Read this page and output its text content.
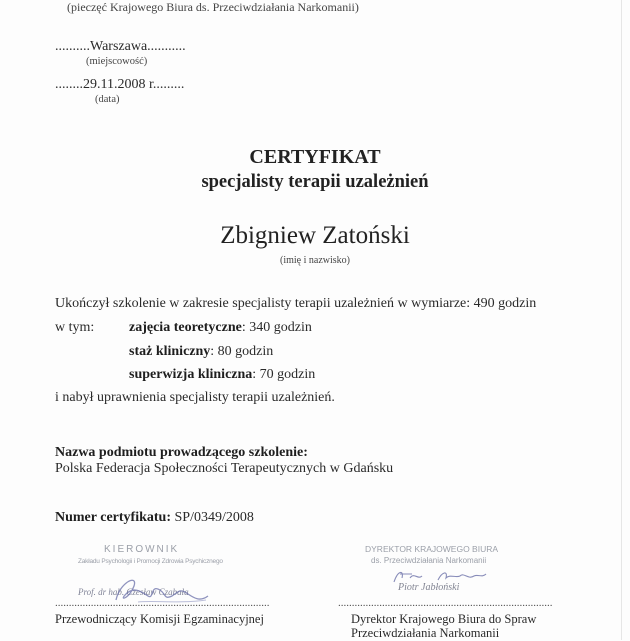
(pieczęć Krajowego Biura ds. Przeciwdziałania Narkomanii)
..........Warszawa...........
(miejscowość)
........29.11.2008 r.........
(data)
CERTYFIKAT
specjalisty terapii uzależnień
Zbigniew Zatoński
(imię i nazwisko)
Ukończył szkolenie w zakresie specjalisty terapii uzależnień w wymiarze: 490 godzin
w tym: zajęcia teoretyczne: 340 godzin
staż kliniczny: 80 godzin
superwizja kliniczna: 70 godzin
i nabył uprawnienia specjalisty terapii uzależnień.
Nazwa podmiotu prowadzącego szkolenie:
Polska Federacja Społeczności Terapeutycznych w Gdańsku
Numer certyfikatu: SP/0349/2008
KIEROWNIK
Zakładu Psychologii i Promocji Zdrowia Psychicznego
Prof. dr hab. Czesław Czabała
..............................................................................
Przewodniczący Komisji Egzaminacyjnej
DYREKTOR KRAJOWEGO BIURA
ds. Przeciwdziałania Narkomanii
Piotr Jabłoński
..............................................................................
Dyrektor Krajowego Biura do Spraw
Przeciwdziałania Narkomanii
